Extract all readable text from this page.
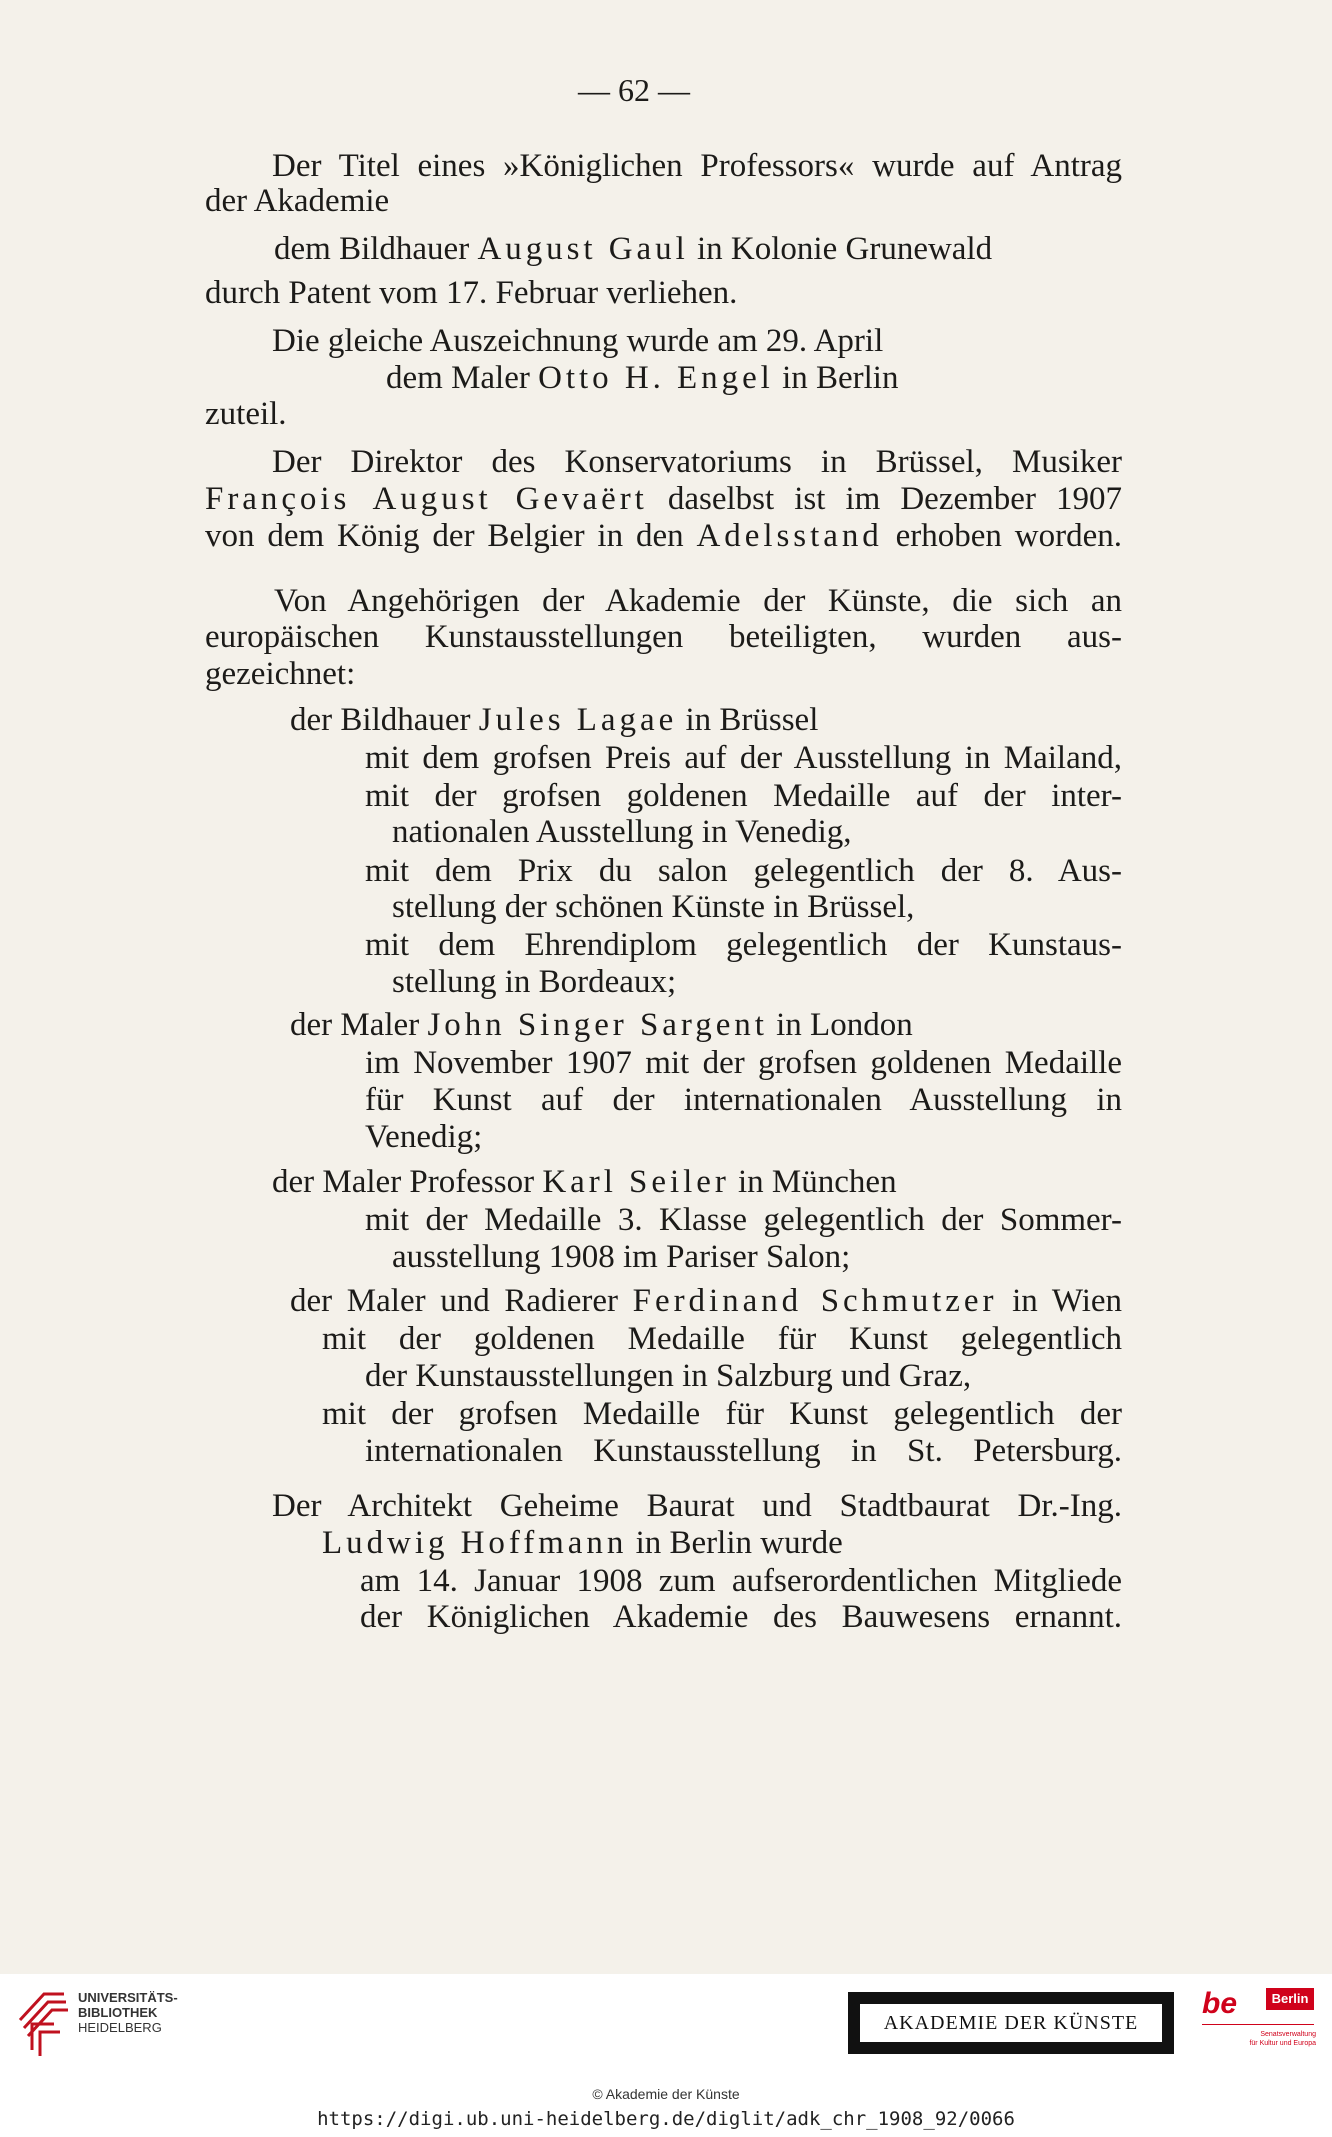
— 62 —
Der Titel eines »Königlichen Professors« wurde auf Antrag
der Akademie
dem Bildhauer August Gaul in Kolonie Grunewald
durch Patent vom 17. Februar verliehen.
Die gleiche Auszeichnung wurde am 29. April
dem Maler Otto H. Engel in Berlin
zuteil.
Der Direktor des Konservatoriums in Brüssel, Musiker
François August Gevaërt daselbst ist im Dezember 1907
von dem König der Belgier in den Adelsstand erhoben worden.
Von Angehörigen der Akademie der Künste, die sich an
europäischen Kunstausstellungen beteiligten, wurden aus-
gezeichnet:
der Bildhauer Jules Lagae in Brüssel
mit dem grofsen Preis auf der Ausstellung in Mailand,
mit der grofsen goldenen Medaille auf der inter-
nationalen Ausstellung in Venedig,
mit dem Prix du salon gelegentlich der 8. Aus-
stellung der schönen Künste in Brüssel,
mit dem Ehrendiplom gelegentlich der Kunstaus-
stellung in Bordeaux;
der Maler John Singer Sargent in London
im November 1907 mit der grofsen goldenen Medaille
für Kunst auf der internationalen Ausstellung in
Venedig;
der Maler Professor Karl Seiler in München
mit der Medaille 3. Klasse gelegentlich der Sommer-
ausstellung 1908 im Pariser Salon;
der Maler und Radierer Ferdinand Schmutzer in Wien
mit der goldenen Medaille für Kunst gelegentlich
der Kunstausstellungen in Salzburg und Graz,
mit der grofsen Medaille für Kunst gelegentlich der
internationalen Kunstausstellung in St. Petersburg.
Der Architekt Geheime Baurat und Stadtbaurat Dr.-Ing.
Ludwig Hoffmann in Berlin wurde
am 14. Januar 1908 zum aufserordentlichen Mitgliede
der Königlichen Akademie des Bauwesens ernannt.
UNIVERSITÄTS-
BIBLIOTHEK
HEIDELBERG	AKADEMIE DER KÜNSTE
be	Berlin
Senatsverwaltung
für Kultur und Europa
© Akademie der Künste
https://digi.ub.uni-heidelberg.de/diglit/adk_chr_1908_92/0066
